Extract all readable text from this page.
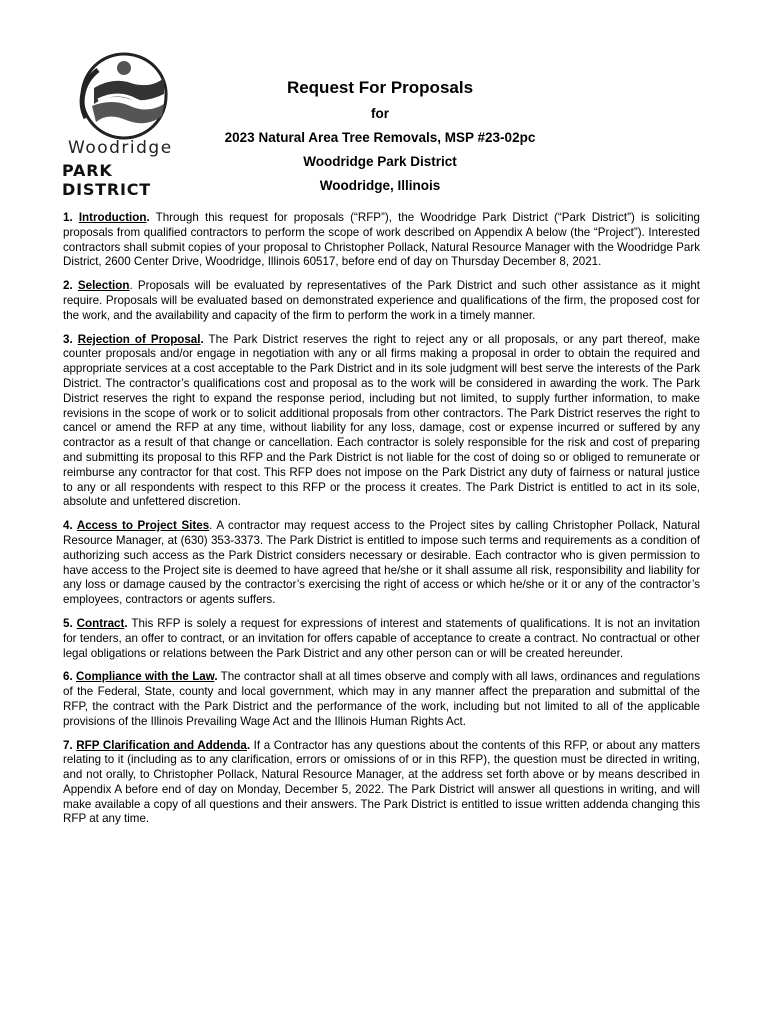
Woodridge
PARK DISTRICT
Request For Proposals
for
2023 Natural Area Tree Removals, MSP #23-02pc
Woodridge Park District
Woodridge, Illinois

1. Introduction. Through this request for proposals (“RFP”), the Woodridge Park District (“Park District”) is soliciting proposals from qualified contractors to perform the scope of work described on Appendix A below (the “Project”). Interested contractors shall submit copies of your proposal to Christopher Pollack, Natural Resource Manager with the Woodridge Park District, 2600 Center Drive, Woodridge, Illinois 60517, before end of day on Thursday December 8, 2021.

2. Selection. Proposals will be evaluated by representatives of the Park District and such other assistance as it might require. Proposals will be evaluated based on demonstrated experience and qualifications of the firm, the proposed cost for the work, and the availability and capacity of the firm to perform the work in a timely manner.

3. Rejection of Proposal. The Park District reserves the right to reject any or all proposals, or any part thereof, make counter proposals and/or engage in negotiation with any or all firms making a proposal in order to obtain the required and appropriate services at a cost acceptable to the Park District and in its sole judgment will best serve the interests of the Park District. The contractor’s qualifications cost and proposal as to the work will be considered in awarding the work. The Park District reserves the right to expand the response period, including but not limited, to supply further information, to make revisions in the scope of work or to solicit additional proposals from other contractors. The Park District reserves the right to cancel or amend the RFP at any time, without liability for any loss, damage, cost or expense incurred or suffered by any contractor as a result of that change or cancellation. Each contractor is solely responsible for the risk and cost of preparing and submitting its proposal to this RFP and the Park District is not liable for the cost of doing so or obliged to remunerate or reimburse any contractor for that cost. This RFP does not impose on the Park District any duty of fairness or natural justice to any or all respondents with respect to this RFP or the process it creates. The Park District is entitled to act in its sole, absolute and unfettered discretion.

4. Access to Project Sites. A contractor may request access to the Project sites by calling Christopher Pollack, Natural Resource Manager, at (630) 353-3373. The Park District is entitled to impose such terms and requirements as a condition of authorizing such access as the Park District considers necessary or desirable. Each contractor who is given permission to have access to the Project site is deemed to have agreed that he/she or it shall assume all risk, responsibility and liability for any loss or damage caused by the contractor’s exercising the right of access or which he/she or it or any of the contractor’s employees, contractors or agents suffers.

5. Contract. This RFP is solely a request for expressions of interest and statements of qualifications. It is not an invitation for tenders, an offer to contract, or an invitation for offers capable of acceptance to create a contract. No contractual or other legal obligations or relations between the Park District and any other person can or will be created hereunder.

6. Compliance with the Law. The contractor shall at all times observe and comply with all laws, ordinances and regulations of the Federal, State, county and local government, which may in any manner affect the preparation and submittal of the RFP, the contract with the Park District and the performance of the work, including but not limited to all of the applicable provisions of the Illinois Prevailing Wage Act and the Illinois Human Rights Act.

7. RFP Clarification and Addenda. If a Contractor has any questions about the contents of this RFP, or about any matters relating to it (including as to any clarification, errors or omissions of or in this RFP), the question must be directed in writing, and not orally, to Christopher Pollack, Natural Resource Manager, at the address set forth above or by means described in Appendix A before end of day on Monday, December 5, 2022. The Park District will answer all questions in writing, and will make available a copy of all questions and their answers. The Park District is entitled to issue written addenda changing this RFP at any time.
